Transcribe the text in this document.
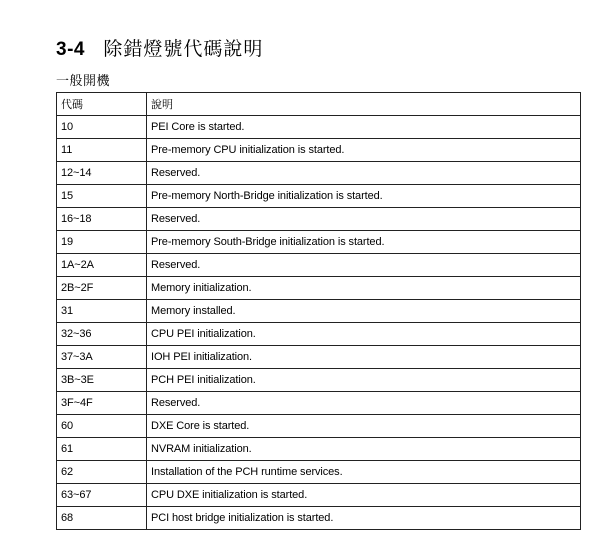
3-4 除錯燈號代碼說明
一般開機
代碼	說明
10	PEI Core is started.
11	Pre-memory CPU initialization is started.
12~14	Reserved.
15	Pre-memory North-Bridge initialization is started.
16~18	Reserved.
19	Pre-memory South-Bridge initialization is started.
1A~2A	Reserved.
2B~2F	Memory initialization.
31	Memory installed.
32~36	CPU PEI initialization.
37~3A	IOH PEI initialization.
3B~3E	PCH PEI initialization.
3F~4F	Reserved.
60	DXE Core is started.
61	NVRAM initialization.
62	Installation of the PCH runtime services.
63~67	CPU DXE initialization is started.
68	PCI host bridge initialization is started.
